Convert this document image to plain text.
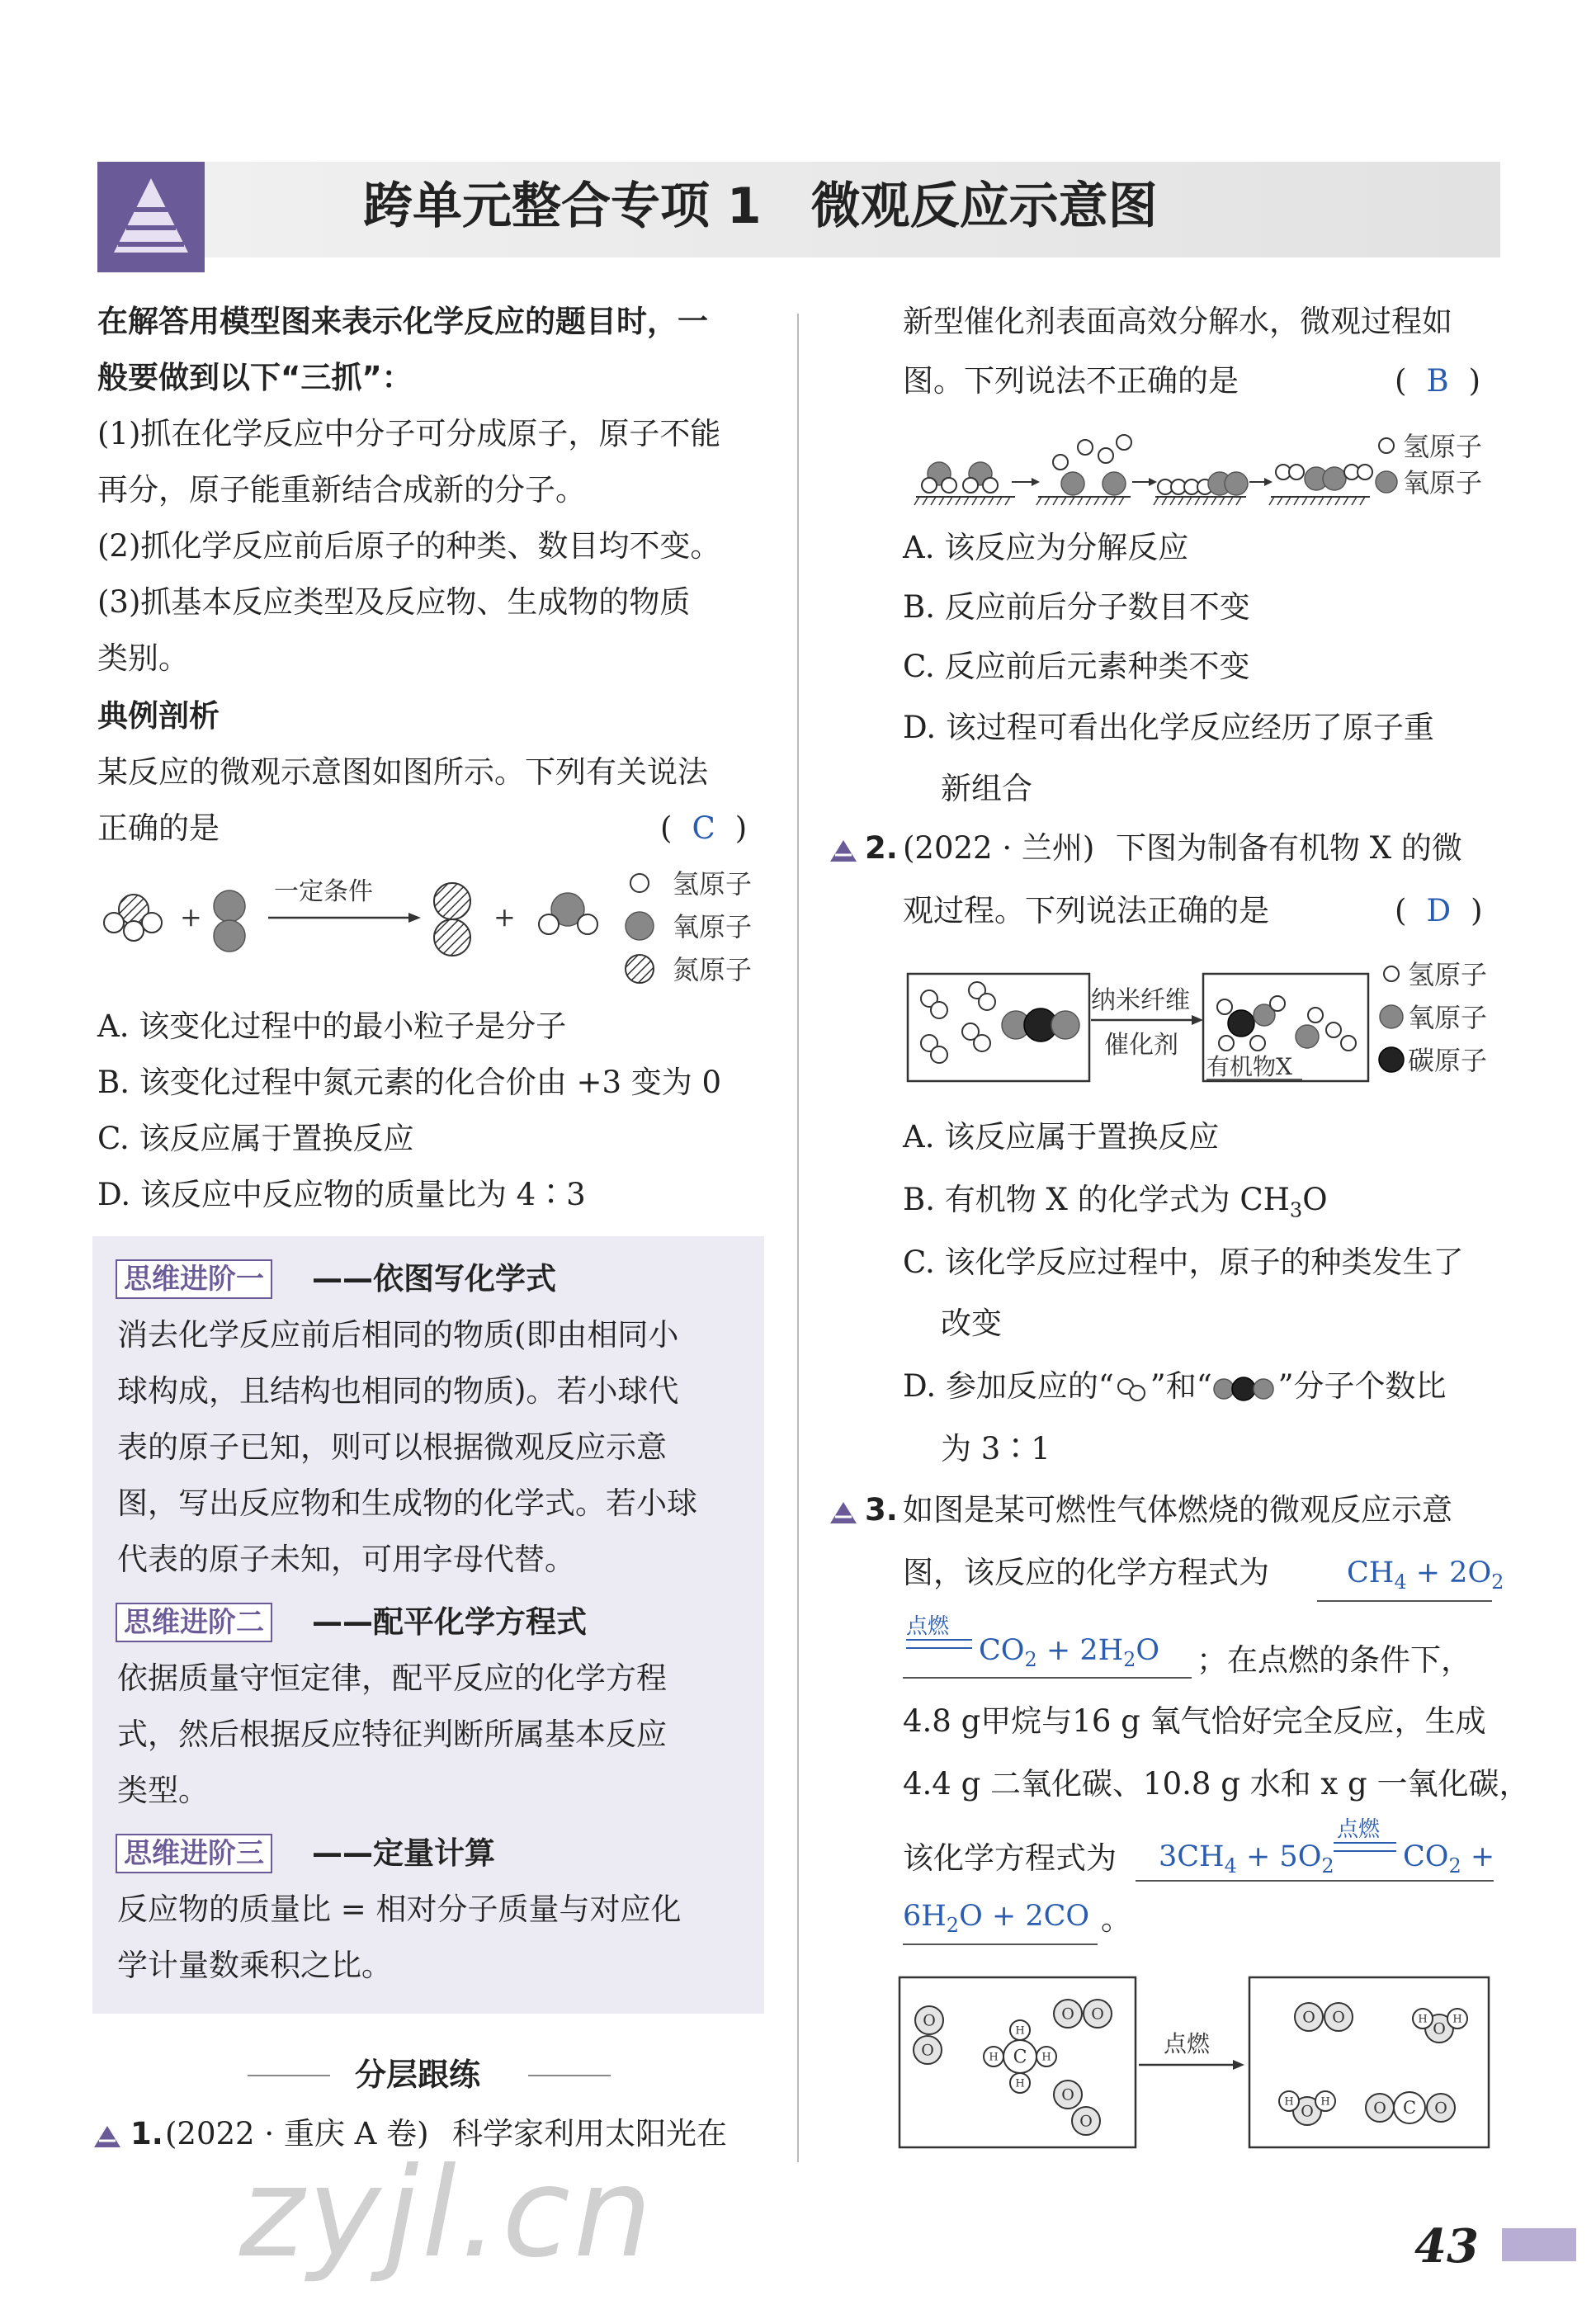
跨单元整合专项 1　微观反应示意图
在解答用模型图来表示化学反应的题目时，一
般要做到以下“三抓”：
(1)抓在化学反应中分子可分成原子，原子不能
再分，原子能重新结合成新的分子。
(2)抓化学反应前后原子的种类、数目均不变。
(3)抓基本反应类型及反应物、生成物的物质
类别。
典例剖析
某反应的微观示意图如图所示。下列有关说法
正确的是	( C )
+
一定条件
+
氢原子
氧原子
氮原子
A. 该变化过程中的最小粒子是分子
B. 该变化过程中氮元素的化合价由 +3 变为 0
C. 该反应属于置换反应
D. 该反应中反应物的质量比为 4∶3
思维进阶一 ——依图写化学式
消去化学反应前后相同的物质(即由相同小
球构成，且结构也相同的物质)。若小球代
表的原子已知，则可以根据微观反应示意
图，写出反应物和生成物的化学式。若小球
代表的原子未知，可用字母代替。
思维进阶二 ——配平化学方程式
依据质量守恒定律，配平反应的化学方程
式，然后根据反应特征判断所属基本反应
类型。
思维进阶三 ——定量计算
反应物的质量比 = 相对分子质量与对应化
学计量数乘积之比。
分层跟练
1. (2022 · 重庆 A 卷) 科学家利用太阳光在
新型催化剂表面高效分解水，微观过程如
图。下列说法不正确的是	( B )
氢原子
氧原子
A. 该反应为分解反应
B. 反应前后分子数目不变
C. 反应前后元素种类不变
D. 该过程可看出化学反应经历了原子重
新组合
2. (2022 · 兰州) 下图为制备有机物 X 的微
观过程。下列说法正确的是	( D )
纳米纤维
催化剂
有机物X
氢原子
氧原子
碳原子
A. 该反应属于置换反应
B. 有机物 X 的化学式为 $CH_3O$
C. 该化学反应过程中，原子的种类发生了
改变
D. 参加反应的“ ”和“ ”分子个数比
为 3∶1
3. 如图是某可燃性气体燃烧的微观反应示意
图，该反应的化学方程式为	$CH_4 + 2O_2$
点燃
$CO_2 + 2H_2O$ ；在点燃的条件下，
4.8 g甲烷与16 g 氧气恰好完全反应，生成
4.4 g 二氧化碳、10.8 g 水和 x g 一氧化碳，
该化学方程式为 $3CH_4 + 5O_2$
点燃
$CO_2$ +
$6H_2O + 2CO$ 。
点燃
O
O
O O
O
O
C
H
H
H	H
O O
O
H H
O
H	H	O C O
43
zyjl.cn
